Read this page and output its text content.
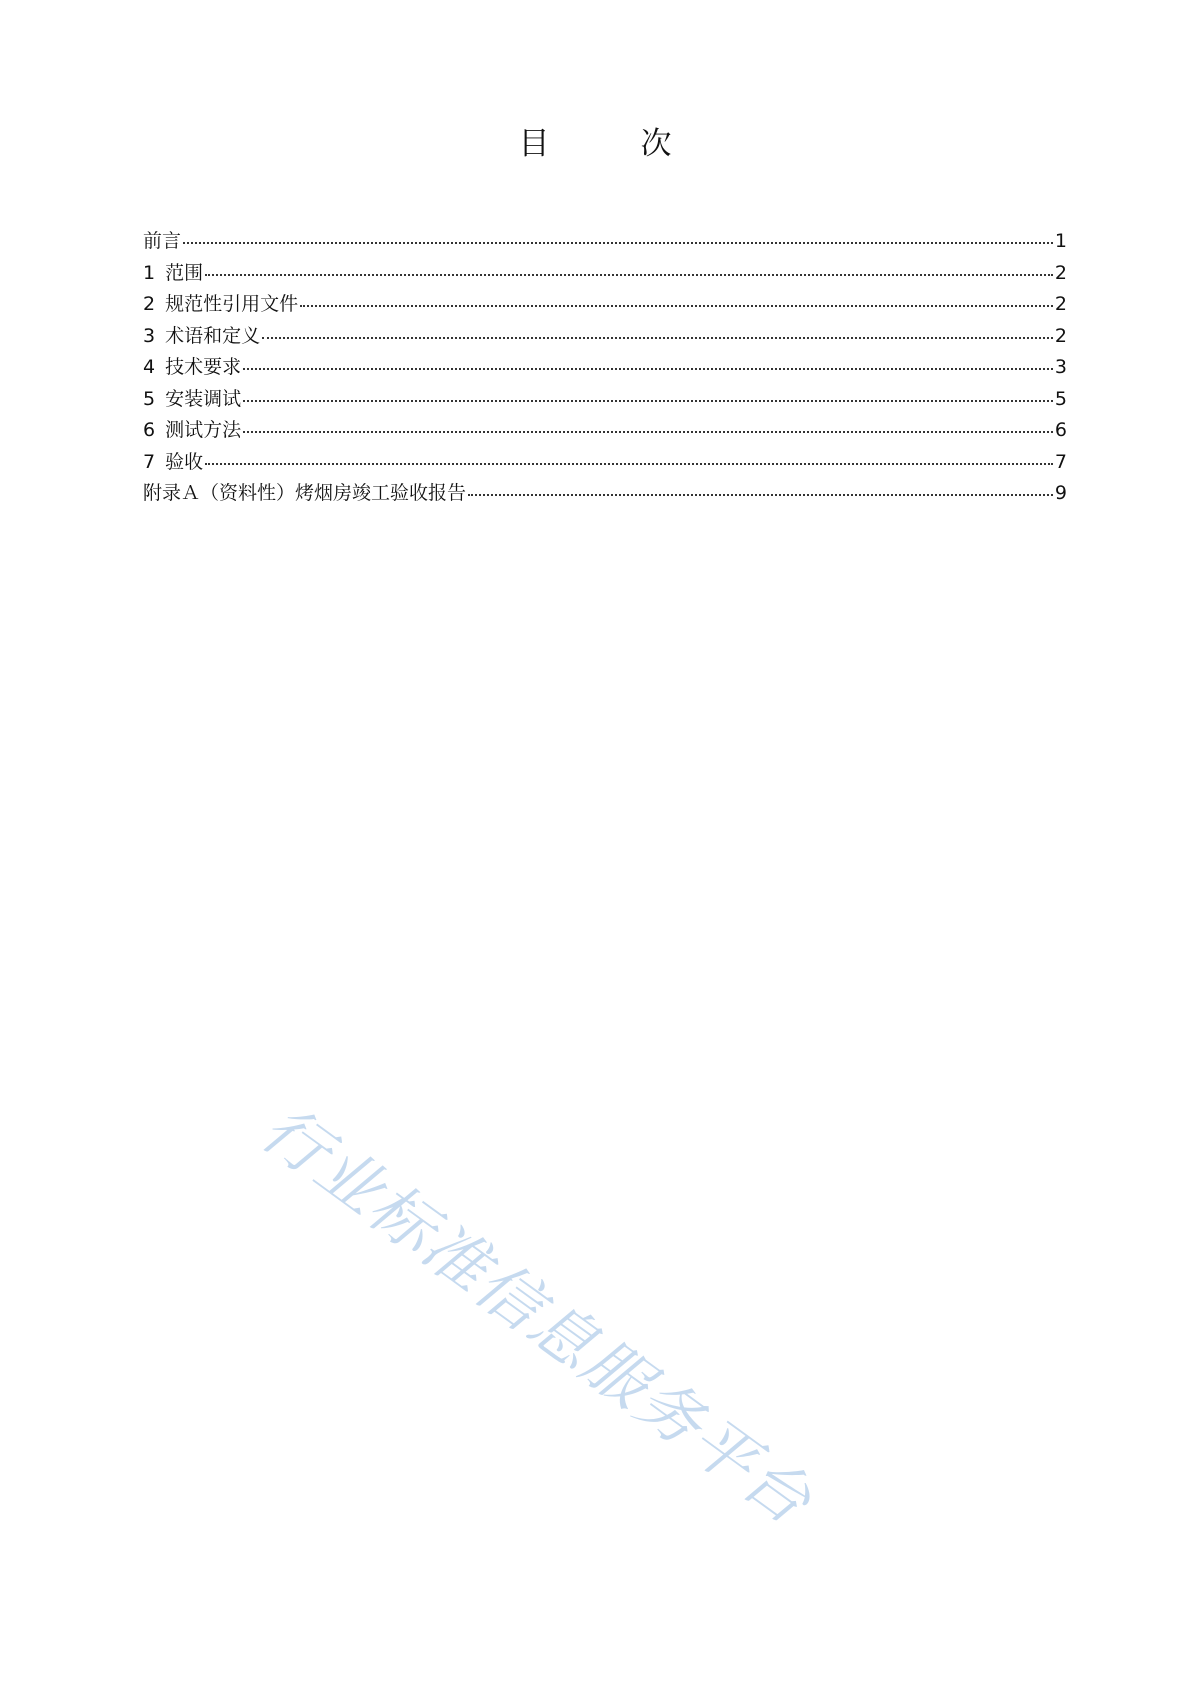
目　次
前言	1
1 范围	2
2 规范性引用文件	2
3 术语和定义	2
4 技术要求	3
5 安装调试	5
6 测试方法	6
7 验收	7
附录Ａ（资料性）烤烟房竣工验收报告	9
行业标准信息服务平台
